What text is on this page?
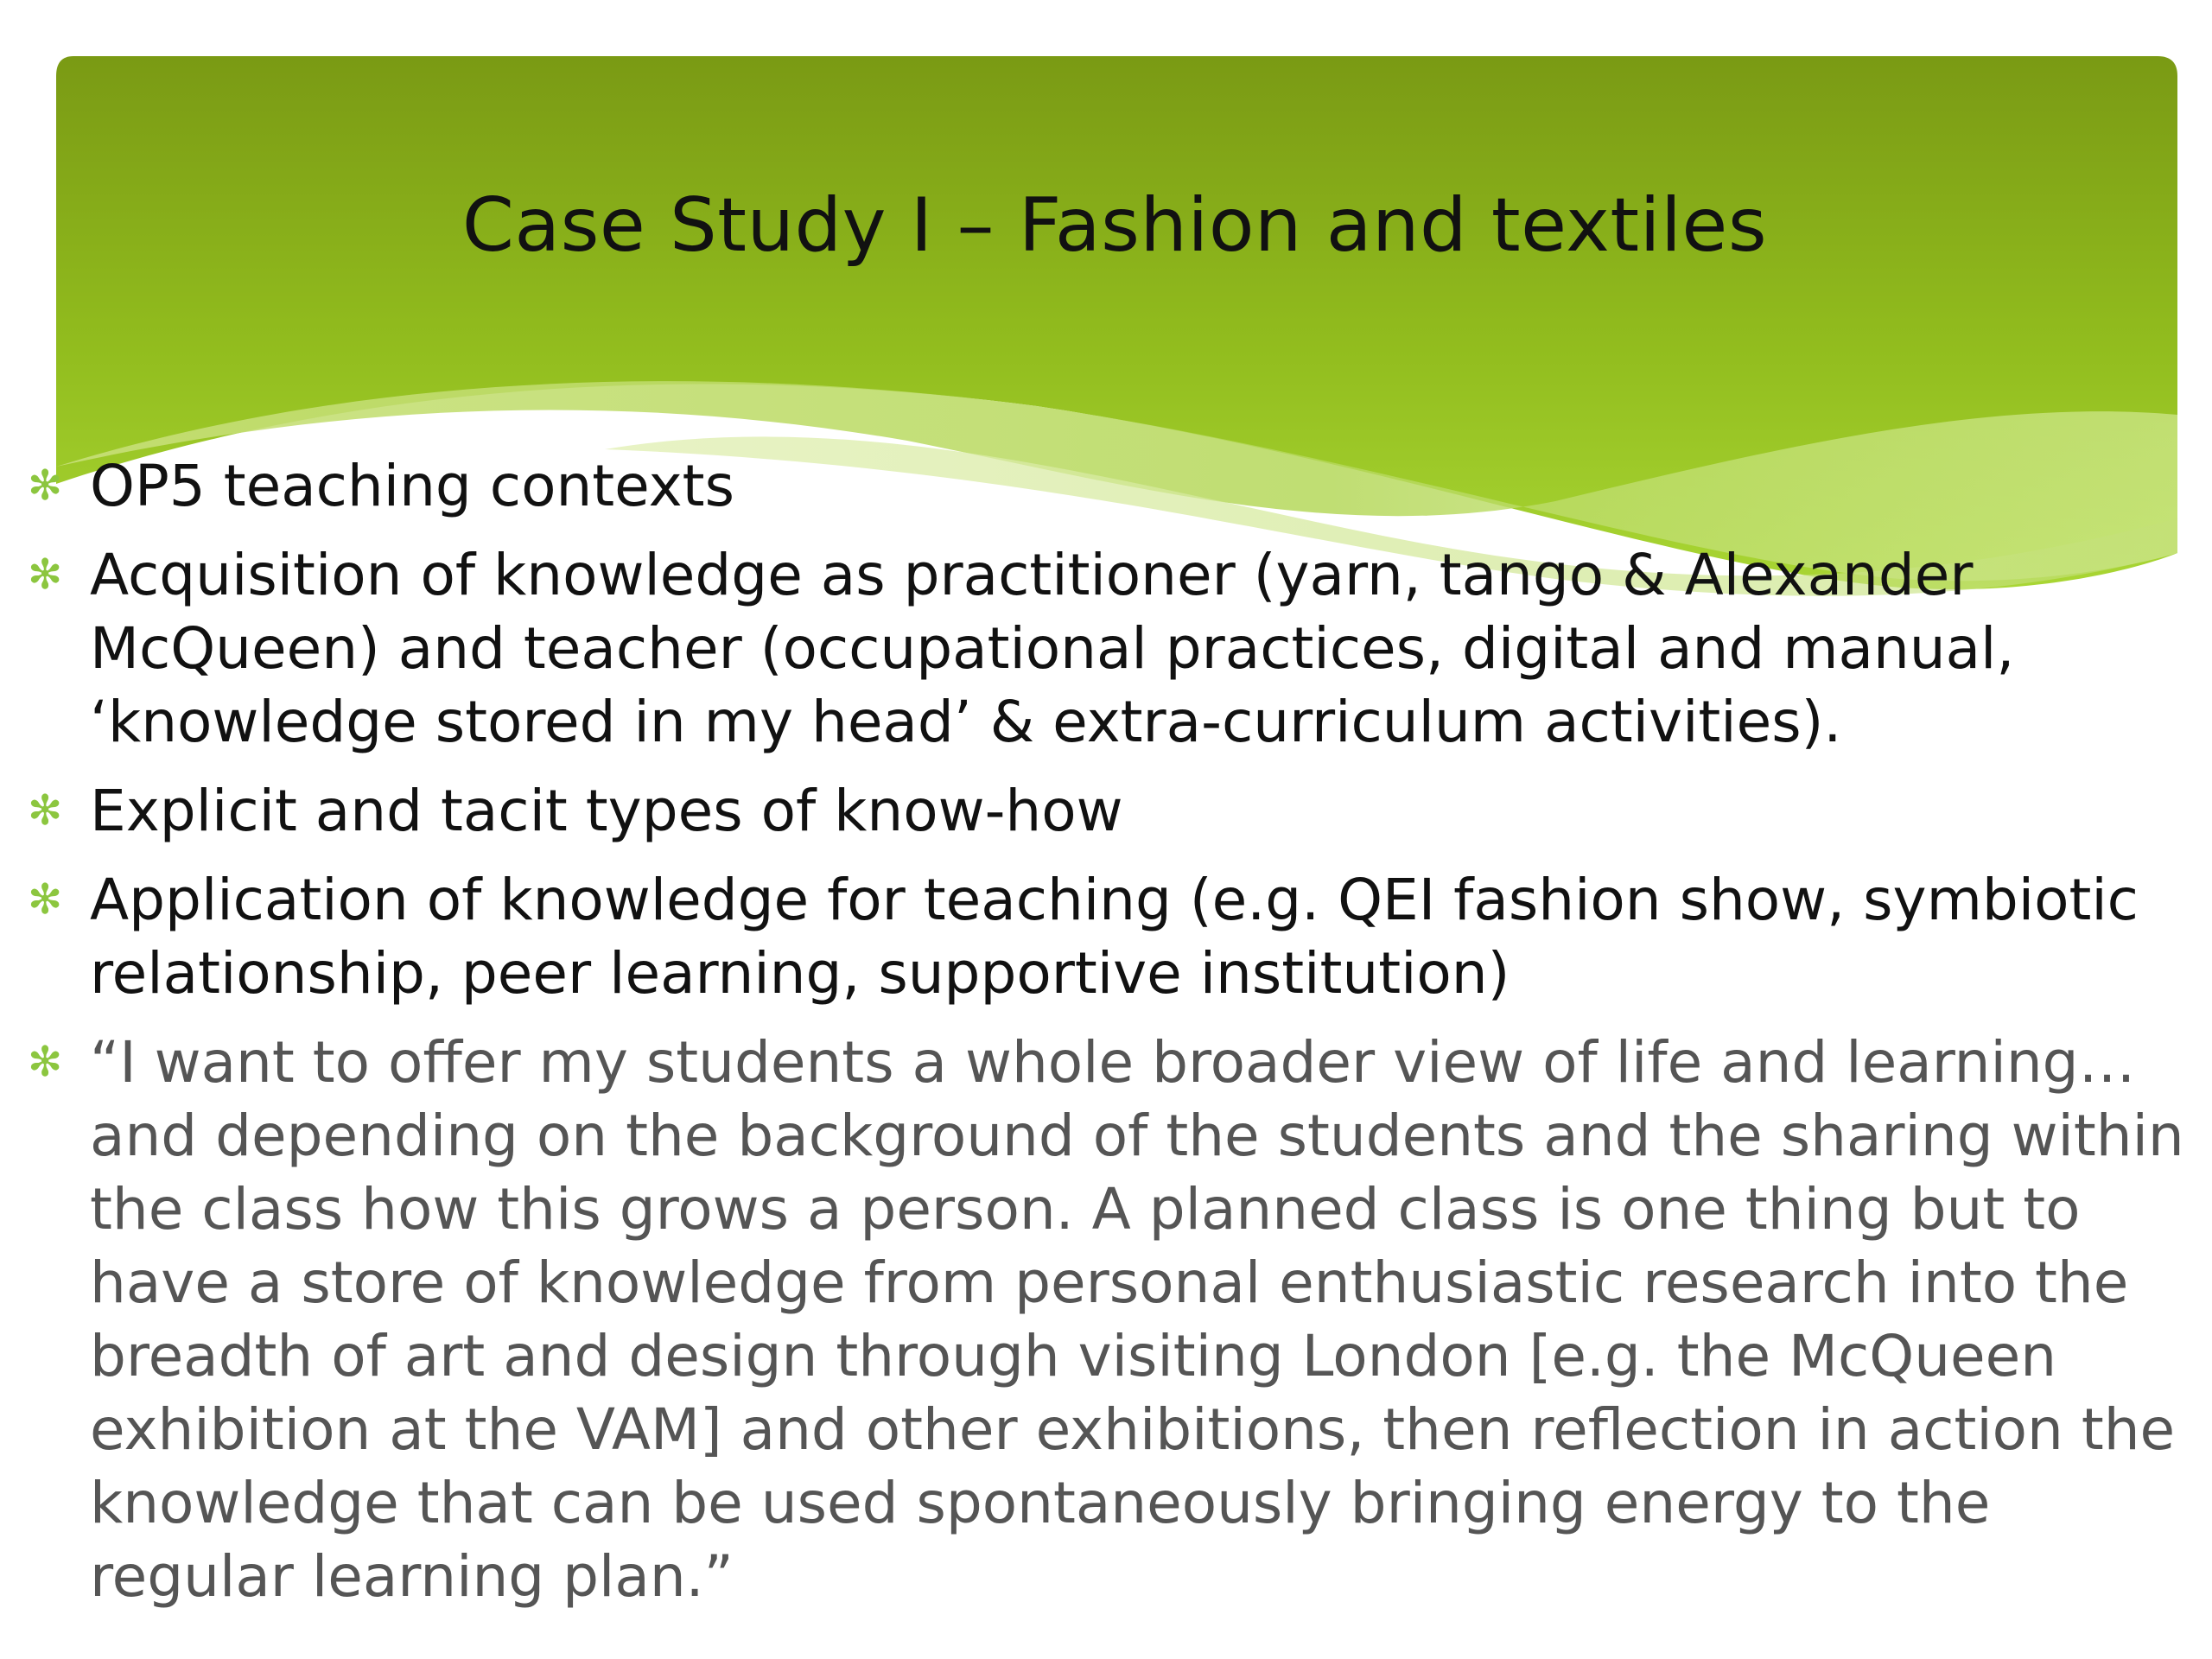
Case Study I – Fashion and textiles
✻ OP5 teaching contexts
✻ Acquisition of knowledge as practitioner (yarn, tango & Alexander McQueen) and teacher (occupational practices, digital and manual, ‘knowledge stored in my head’ & extra-curriculum activities).
✻ Explicit and tacit types of know-how
✻ Application of knowledge for teaching (e.g. QEI fashion show, symbiotic relationship, peer learning, supportive institution)
✻ “I want to offer my students a whole broader view of life and learning…and depending on the background of the students and the sharing within the class how this grows a person. A planned class is one thing but to have a store of knowledge from personal enthusiastic research into the breadth of art and design through visiting London [e.g. the McQueen exhibition at the VAM] and other exhibitions, then reflection in action the knowledge that can be used spontaneously bringing energy to the regular learning plan.”
